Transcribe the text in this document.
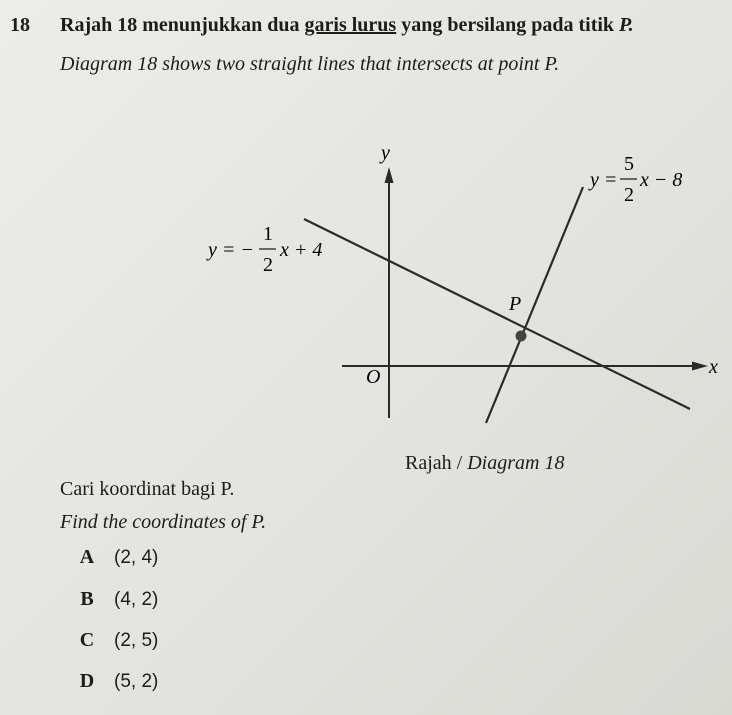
18 Rajah 18 menunjukkan dua garis lurus yang bersilang pada titik P.
Diagram 18 shows two straight lines that intersects at point P.
y
x
O
P
y =
5
2
x − 8
y = −
1
2
x + 4
Rajah / Diagram 18
Cari koordinat bagi P.
Find the coordinates of P.
A (2, 4)
B (4, 2)
C (2, 5)
D (5, 2)
